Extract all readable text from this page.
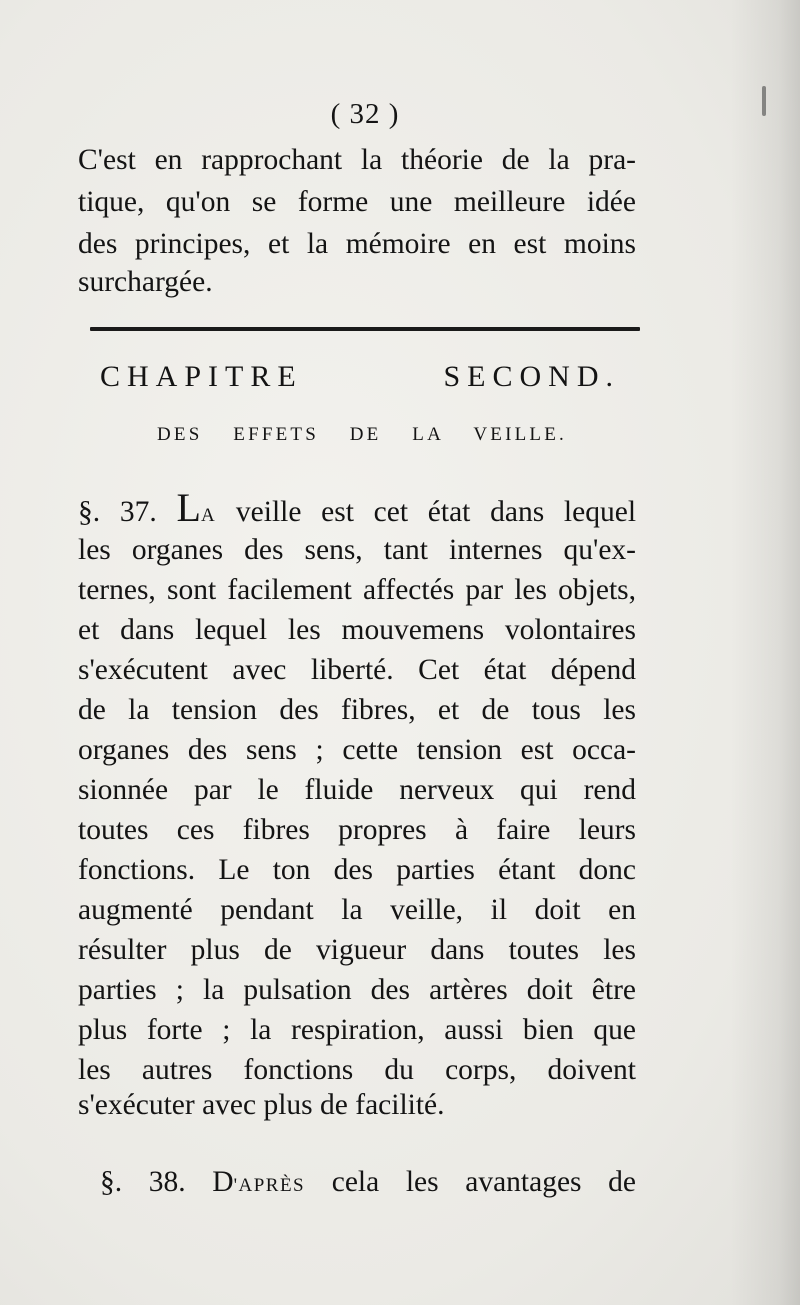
( 32 )
C'est en rapprochant la théorie de la pra-
tique, qu'on se forme une meilleure idée
des principes, et la mémoire en est moins
surchargée.
CHAPITRE SECOND.
DES EFFETS DE LA VEILLE.
§. 37. LA veille est cet état dans lequel
les organes des sens, tant internes qu'ex-
ternes, sont facilement affectés par les objets,
et dans lequel les mouvemens volontaires
s'exécutent avec liberté. Cet état dépend
de la tension des fibres, et de tous les
organes des sens ; cette tension est occa-
sionnée par le fluide nerveux qui rend
toutes ces fibres propres à faire leurs
fonctions. Le ton des parties étant donc
augmenté pendant la veille, il doit en
résulter plus de vigueur dans toutes les
parties ; la pulsation des artères doit être
plus forte ; la respiration, aussi bien que
les autres fonctions du corps, doivent
s'exécuter avec plus de facilité.
§. 38. D'APRÈS cela les avantages de
